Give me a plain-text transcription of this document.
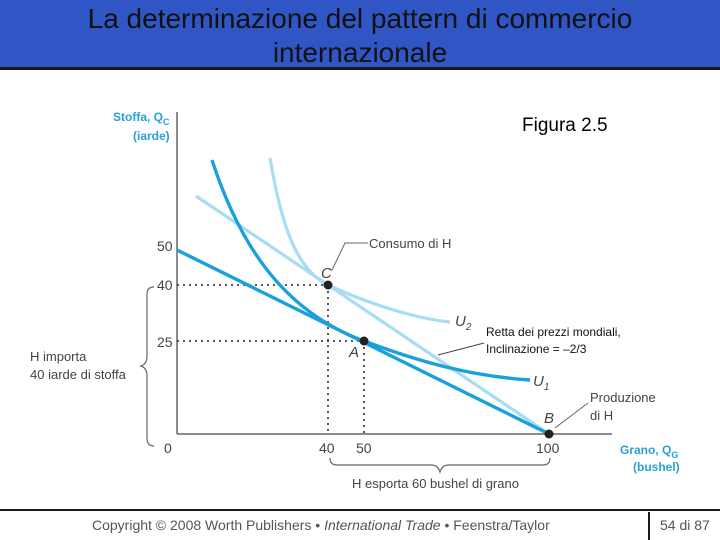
La determinazione del pattern di commercio
internazionale
Figura 2.5
Stoffa, $Q_C$
(iarde)
Grano, $Q_G$
(bushel)
50
40
25
0	40 50	100
C
A
B
Consumo di H
$U_2$
$U_1$
Retta dei prezzi mondiali,
Inclinazione = –2/3
Produzione
di H
H importa
40 iarde di stoffa
H esporta 60 bushel di grano
Copyright © 2008 Worth Publishers • International Trade • Feenstra/Taylor	54 di 87
